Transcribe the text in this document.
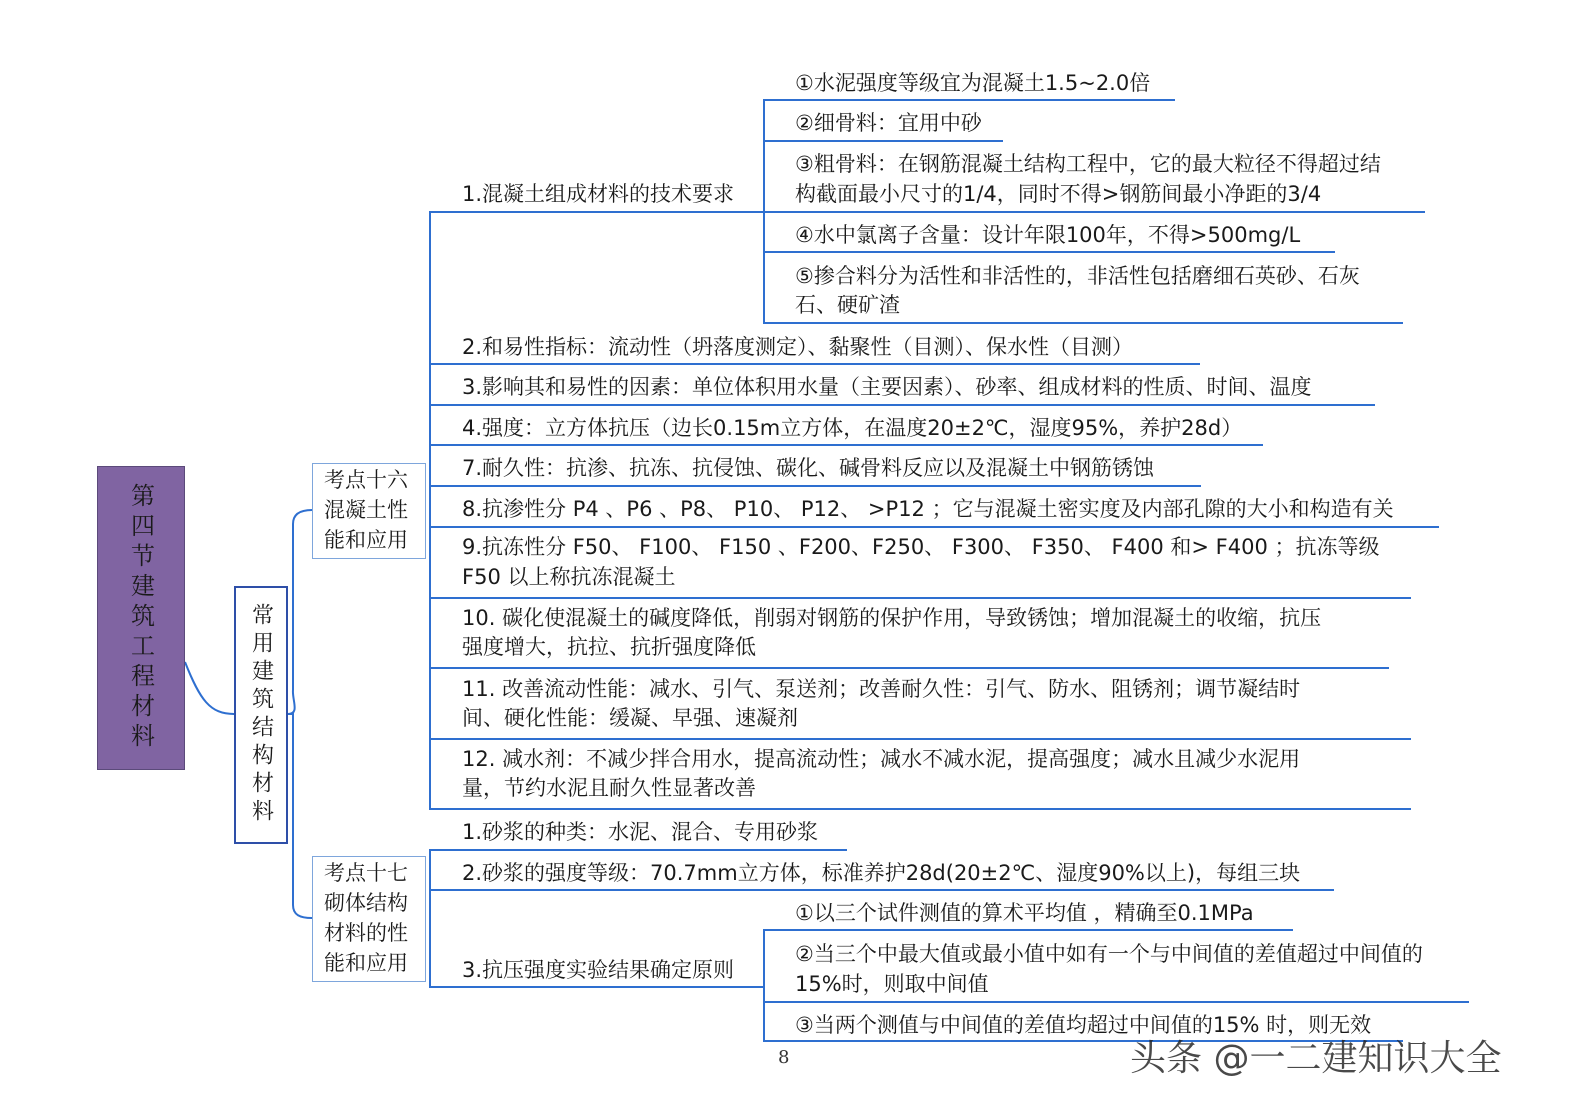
第四节建筑工程材料	常用建筑结构材料
考点十六
混凝土性
能和应用
考点十七
砌体结构
材料的性
能和应用
1.混凝土组成材料的技术要求
①水泥强度等级宜为混凝土1.5~2.0倍
②细骨料：宜用中砂
③粗骨料：在钢筋混凝土结构工程中，它的最大粒径不得超过结
构截面最小尺寸的1/4，同时不得>钢筋间最小净距的3/4
④水中氯离子含量：设计年限100年，不得>500mg/L
⑤掺合料分为活性和非活性的，非活性包括磨细石英砂、石灰
石、硬矿渣
2.和易性指标：流动性（坍落度测定）、黏聚性（目测）、保水性（目测）
3.影响其和易性的因素：单位体积用水量（主要因素）、砂率、组成材料的性质、时间、温度
4.强度：立方体抗压（边长0.15m立方体，在温度20±2℃，湿度95%，养护28d）
7.耐久性：抗渗、抗冻、抗侵蚀、碳化、碱骨料反应以及混凝土中钢筋锈蚀
8.抗渗性分 P4 、P6 、P8、 P10、 P12、 >P12 ；它与混凝土密实度及内部孔隙的大小和构造有关
9.抗冻性分 F50、 F100、 F150 、F200、F250、 F300、 F350、 F400 和> F400 ；抗冻等级
F50 以上称抗冻混凝土
10. 碳化使混凝土的碱度降低，削弱对钢筋的保护作用，导致锈蚀；增加混凝土的收缩，抗压
强度增大，抗拉、抗折强度降低
11. 改善流动性能：减水、引气、泵送剂；改善耐久性：引气、防水、阻锈剂；调节凝结时
间、硬化性能：缓凝、早强、速凝剂
12. 减水剂：不减少拌合用水，提高流动性；减水不减水泥，提高强度；减水且减少水泥用
量，节约水泥且耐久性显著改善
1.砂浆的种类：水泥、混合、专用砂浆
2.砂浆的强度等级：70.7mm立方体，标准养护28d(20±2℃、湿度90%以上)，每组三块
3.抗压强度实验结果确定原则
①以三个试件测值的算术平均值 ，精确至0.1MPa
②当三个中最大值或最小值中如有一个与中间值的差值超过中间值的
15%时，则取中间值
③当两个测值与中间值的差值均超过中间值的15% 时，则无效
8	头条 @一二建知识大全
